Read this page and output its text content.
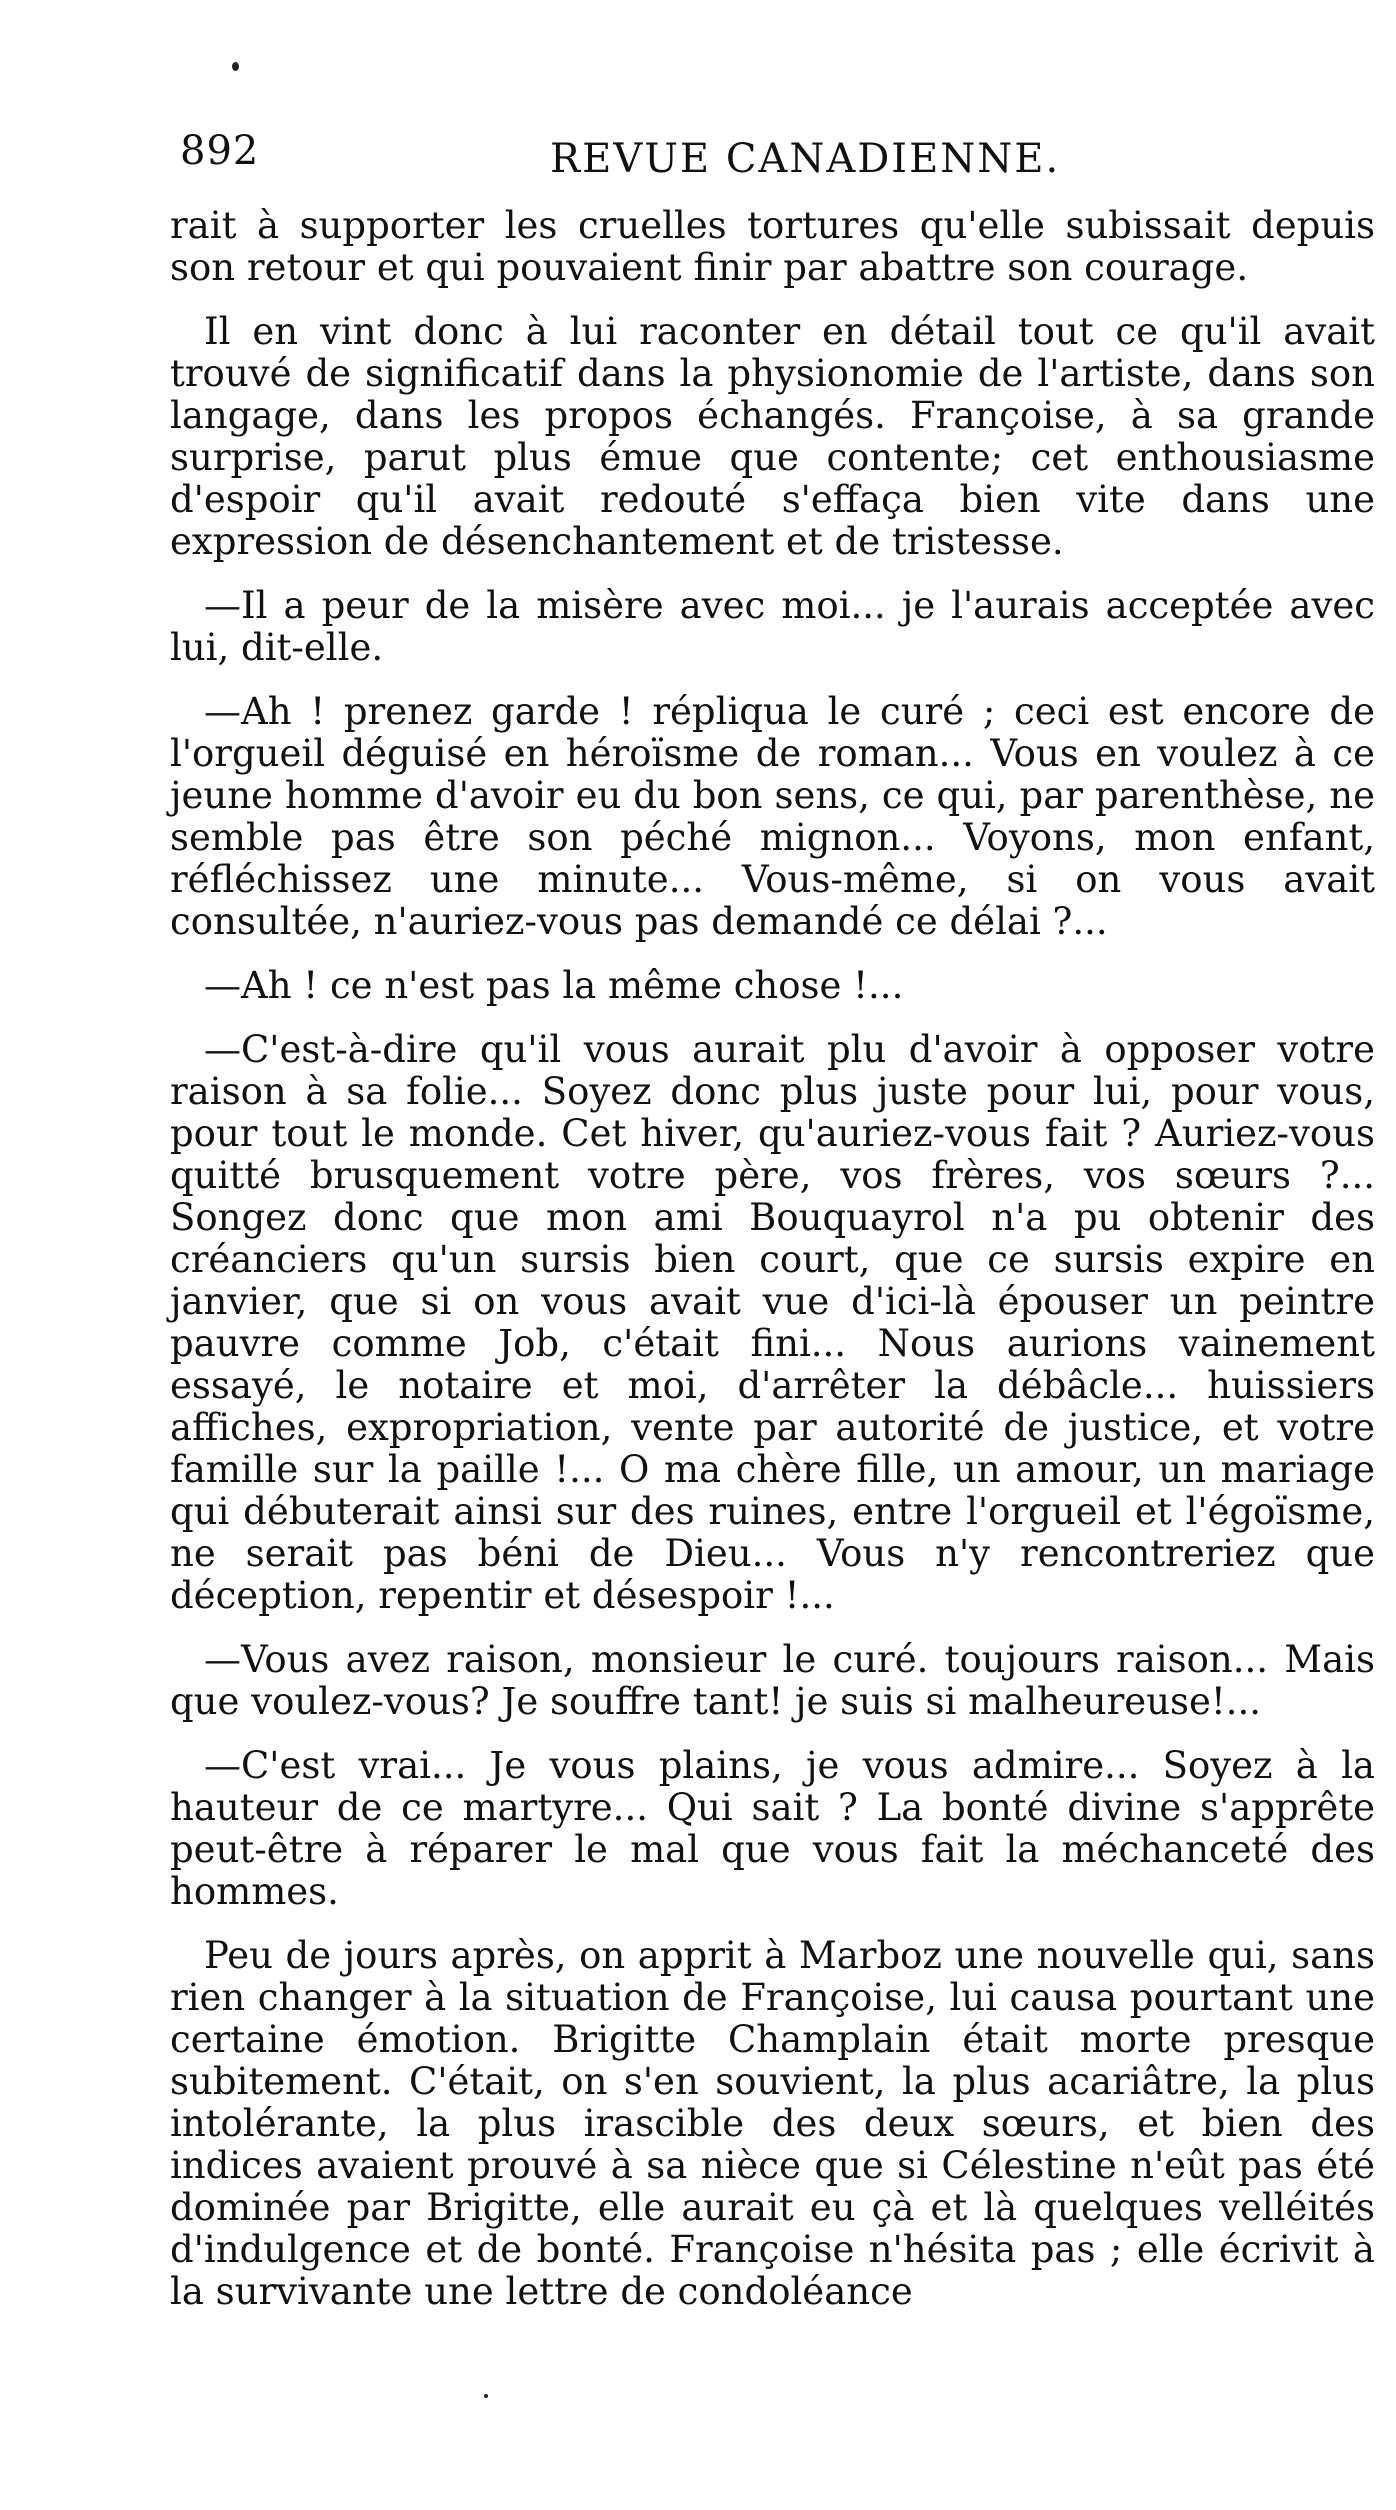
892	REVUE CANADIENNE.

rait à supporter les cruelles tortures qu'elle subissait depuis son retour et qui pouvaient finir par abattre son courage.

Il en vint donc à lui raconter en détail tout ce qu'il avait trouvé de significatif dans la physionomie de l'artiste, dans son langage, dans les propos échangés. Françoise, à sa grande surprise, parut plus émue que contente; cet enthousiasme d'espoir qu'il avait redouté s'effaça bien vite dans une expression de désenchantement et de tristesse.

—Il a peur de la misère avec moi... je l'aurais acceptée avec lui, dit-elle.

—Ah ! prenez garde ! répliqua le curé ; ceci est encore de l'orgueil déguisé en héroïsme de roman... Vous en voulez à ce jeune homme d'avoir eu du bon sens, ce qui, par parenthèse, ne semble pas être son péché mignon... Voyons, mon enfant, réfléchissez une minute... Vous-même, si on vous avait consultée, n'auriez-vous pas demandé ce délai ?...

—Ah ! ce n'est pas la même chose !...

—C'est-à-dire qu'il vous aurait plu d'avoir à opposer votre raison à sa folie... Soyez donc plus juste pour lui, pour vous, pour tout le monde. Cet hiver, qu'auriez-vous fait ? Auriez-vous quitté brusquement votre père, vos frères, vos sœurs ?... Songez donc que mon ami Bouquayrol n'a pu obtenir des créanciers qu'un sursis bien court, que ce sursis expire en janvier, que si on vous avait vue d'ici-là épouser un peintre pauvre comme Job, c'était fini... Nous aurions vainement essayé, le notaire et moi, d'arrêter la débâcle... huissiers affiches, expropriation, vente par autorité de justice, et votre famille sur la paille !... O ma chère fille, un amour, un mariage qui débuterait ainsi sur des ruines, entre l'orgueil et l'égoïsme, ne serait pas béni de Dieu... Vous n'y rencontreriez que déception, repentir et désespoir !...

—Vous avez raison, monsieur le curé. toujours raison... Mais que voulez-vous? Je souffre tant! je suis si malheureuse!...

—C'est vrai... Je vous plains, je vous admire... Soyez à la hauteur de ce martyre... Qui sait ? La bonté divine s'apprête peut-être à réparer le mal que vous fait la méchanceté des hommes.

Peu de jours après, on apprit à Marboz une nouvelle qui, sans rien changer à la situation de Françoise, lui causa pourtant une certaine émotion. Brigitte Champlain était morte presque subitement. C'était, on s'en souvient, la plus acariâtre, la plus intolérante, la plus irascible des deux sœurs, et bien des indices avaient prouvé à sa nièce que si Célestine n'eût pas été dominée par Brigitte, elle aurait eu çà et là quelques velléités d'indulgence et de bonté. Françoise n'hésita pas ; elle écrivit à la survivante une lettre de condoléance
